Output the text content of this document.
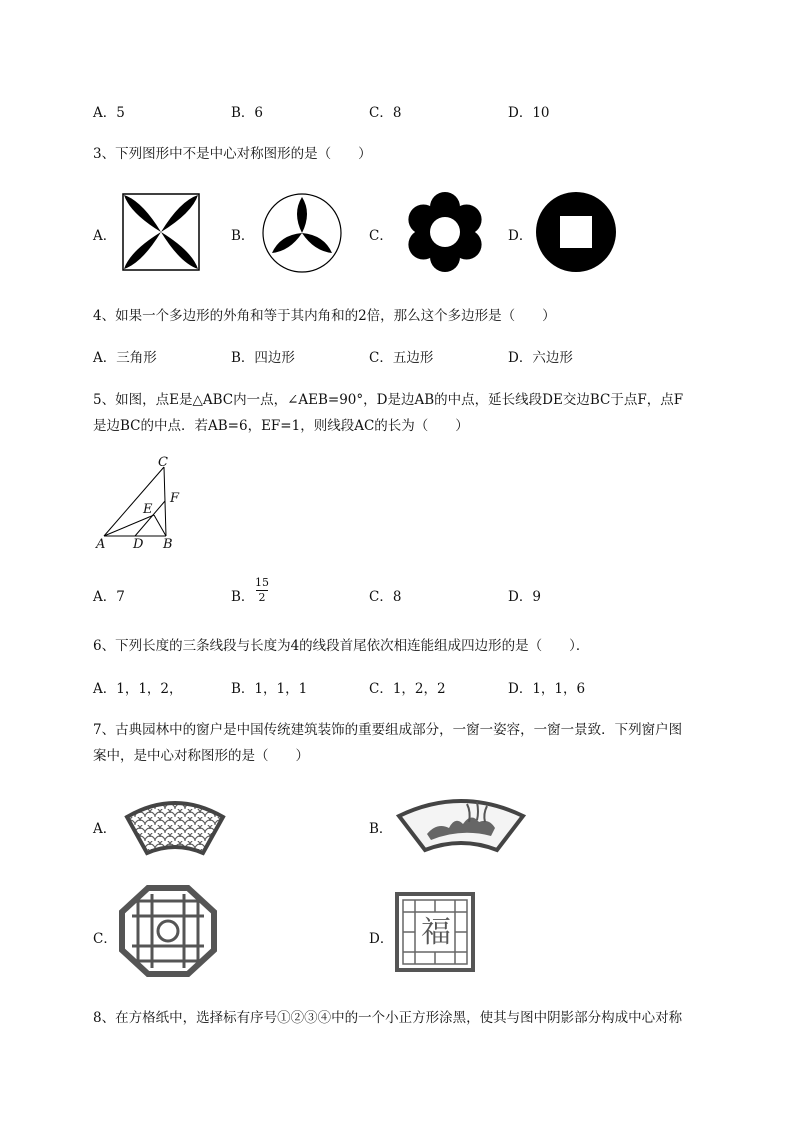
A．5	B．6	C．8	D．10
3、下列图形中不是中心对称图形的是（　　）
A．	B．	C．	D．
4、如果一个多边形的外角和等于其内角和的2倍，那么这个多边形是（　　）
A．三角形	B．四边形	C．五边形	D．六边形
5、如图，点E是△ABC内一点，∠AEB=90°，D是边AB的中点，延长线段DE交边BC于点F，点F
是边BC的中点．若AB=6，EF=1，则线段AC的长为（　　）
C
F
E
A D B
A．7	B．
15
2	C．8	D．9
6、下列长度的三条线段与长度为4的线段首尾依次相连能组成四边形的是（　　）．
A．1，1，2，	B．1，1，1	C．1，2，2	D．1，1，6
7、古典园林中的窗户是中国传统建筑装饰的重要组成部分，一窗一姿容，一窗一景致．下列窗户图
案中，是中心对称图形的是（　　）
A．	B．
C．	D． 福
8、在方格纸中，选择标有序号①②③④中的一个小正方形涂黑，使其与图中阴影部分构成中心对称
